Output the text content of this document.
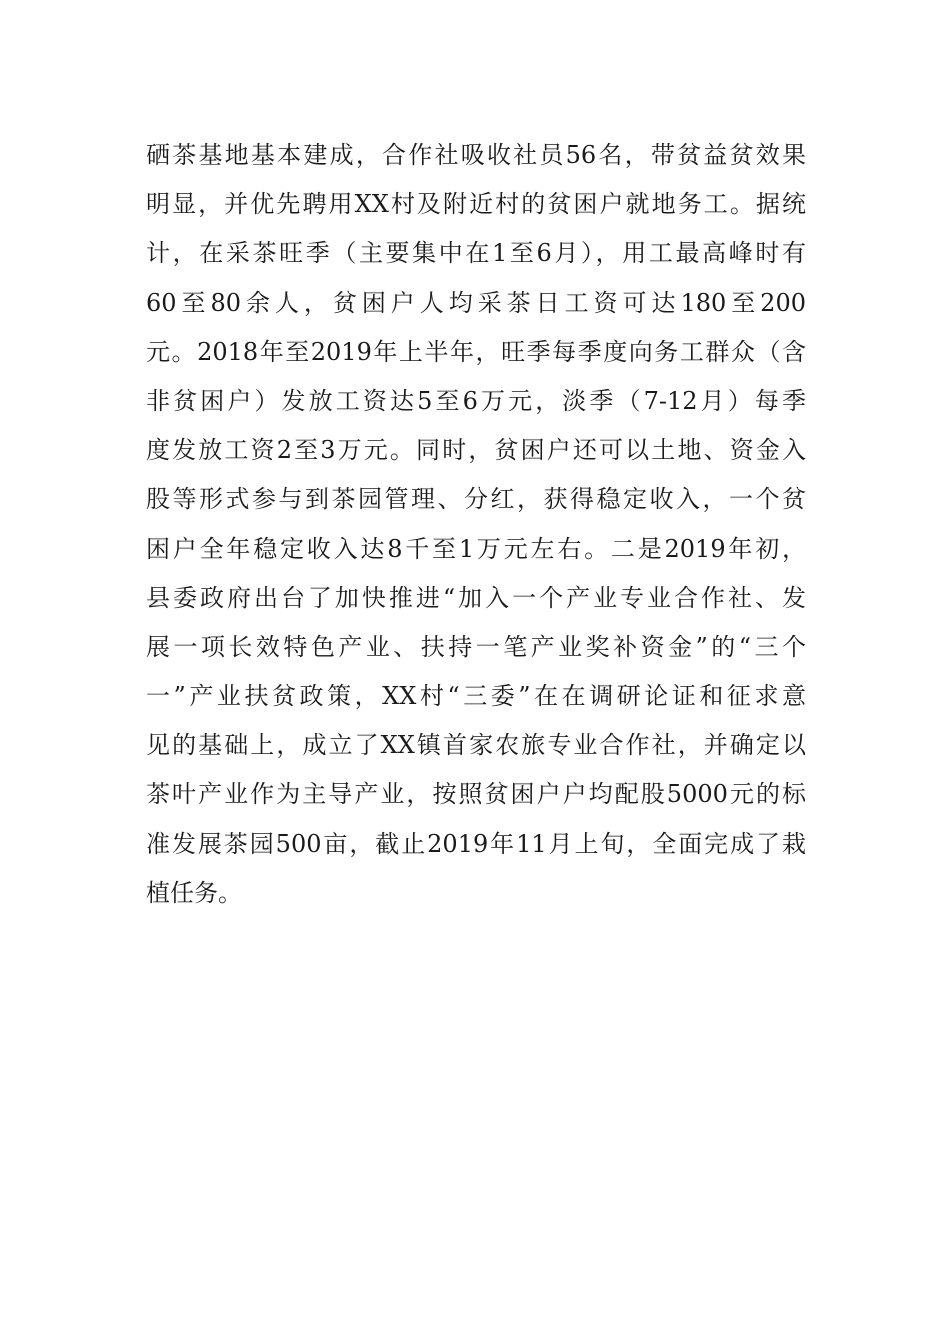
硒茶基地基本建成，合作社吸收社员56名，带贫益贫效果
明显，并优先聘用XX村及附近村的贫困户就地务工。据统
计，在采茶旺季（主要集中在1至6月），用工最高峰时有
60至80余人，贫困户人均采茶日工资可达180至200
元。2018年至2019年上半年，旺季每季度向务工群众（含
非贫困户）发放工资达5至6万元，淡季（7-12月）每季
度发放工资2至3万元。同时，贫困户还可以土地、资金入
股等形式参与到茶园管理、分红，获得稳定收入，一个贫
困户全年稳定收入达8千至1万元左右。二是2019年初，
县委政府出台了加快推进“加入一个产业专业合作社、发
展一项长效特色产业、扶持一笔产业奖补资金”的“三个
一”产业扶贫政策，XX村“三委”在在调研论证和征求意
见的基础上，成立了XX镇首家农旅专业合作社，并确定以
茶叶产业作为主导产业，按照贫困户户均配股5000元的标
准发展茶园500亩，截止2019年11月上旬，全面完成了栽
植任务。
